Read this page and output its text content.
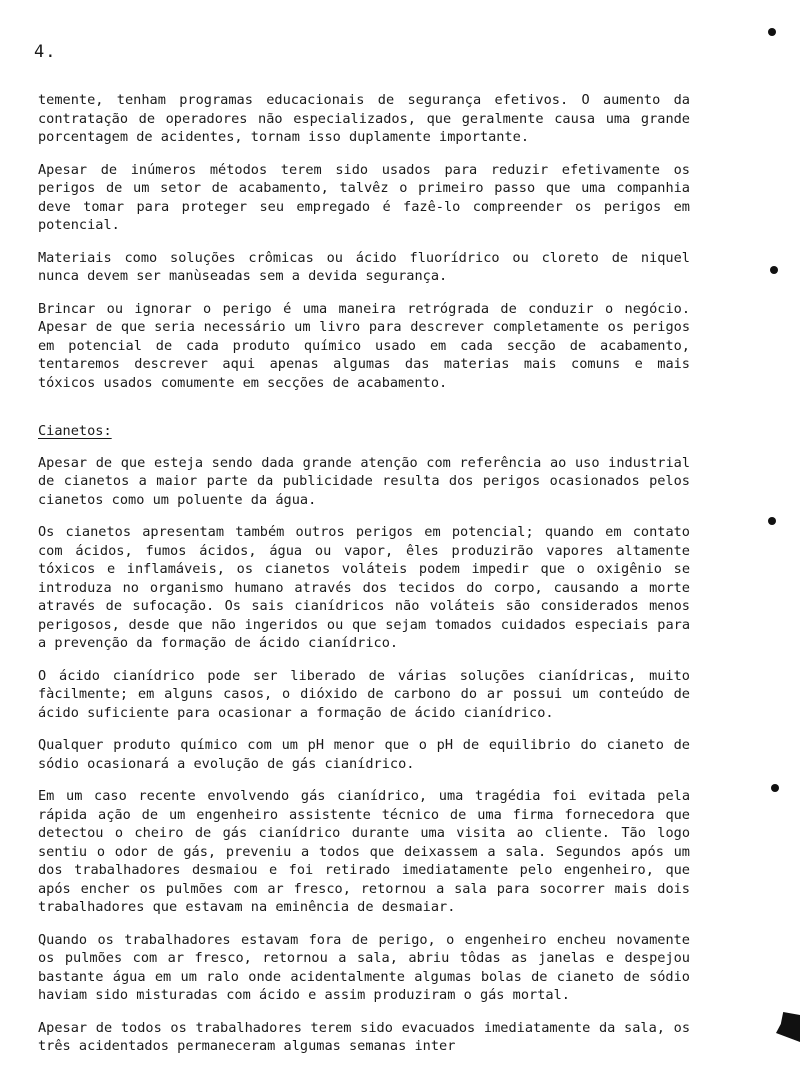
4.

temente, tenham programas educacionais de segurança efetivos. O aumento da contratação de operadores não especializados, que geralmente causa uma grande porcentagem de acidentes, tornam isso duplamente importante.

Apesar de inúmeros métodos terem sido usados para reduzir efetivamente os perigos de um setor de acabamento, talvêz o primeiro passo que uma companhia deve tomar para proteger seu empregado é fazê-lo compreender os perigos em potencial.

Materiais como soluções crômicas ou ácido fluorídrico ou cloreto de niquel nunca devem ser manùseadas sem a devida segurança.

Brincar ou ignorar o perigo é uma maneira retrógrada de conduzir o negócio. Apesar de que seria necessário um livro para descrever completamente os perigos em potencial de cada produto químico usado em cada secção de acabamento, tentaremos descrever aqui apenas algumas das materias mais comuns e mais tóxicos usados comumente em secções de acabamento.

Cianetos:

Apesar de que esteja sendo dada grande atenção com referência ao uso industrial de cianetos a maior parte da publicidade resulta dos perigos ocasionados pelos cianetos como um poluente da água.

Os cianetos apresentam também outros perigos em potencial; quando em contato com ácidos, fumos ácidos, água ou vapor, êles produzirão vapores altamente tóxicos e inflamáveis, os cianetos voláteis podem impedir que o oxigênio se introduza no organismo humano através dos tecidos do corpo, causando a morte através de sufocação. Os sais cianídricos não voláteis são considerados menos perigosos, desde que não ingeridos ou que sejam tomados cuidados especiais para a prevenção da formação de ácido cianídrico.

O ácido cianídrico pode ser liberado de várias soluções cianídricas, muito fàcilmente; em alguns casos, o dióxido de carbono do ar possui um conteúdo de ácido suficiente para ocasionar a formação de ácido cianídrico.

Qualquer produto químico com um pH menor que o pH de equilibrio do cianeto de sódio ocasionará a evolução de gás cianídrico.

Em um caso recente envolvendo gás cianídrico, uma tragédia foi evitada pela rápida ação de um engenheiro assistente técnico de uma firma fornecedora que detectou o cheiro de gás cianídrico durante uma visita ao cliente. Tão logo sentiu o odor de gás, preveniu a todos que deixassem a sala. Segundos após um dos trabalhadores desmaiou e foi retirado imediatamente pelo engenheiro, que após encher os pulmões com ar fresco, retornou a sala para socorrer mais dois trabalhadores que estavam na eminência de desmaiar.

Quando os trabalhadores estavam fora de perigo, o engenheiro encheu novamente os pulmões com ar fresco, retornou a sala, abriu tôdas as janelas e despejou bastante água em um ralo onde acidentalmente algumas bolas de cianeto de sódio haviam sido misturadas com ácido e assim produziram o gás mortal.

Apesar de todos os trabalhadores terem sido evacuados imediatamente da sala, os três acidentados permaneceram algumas semanas inter
